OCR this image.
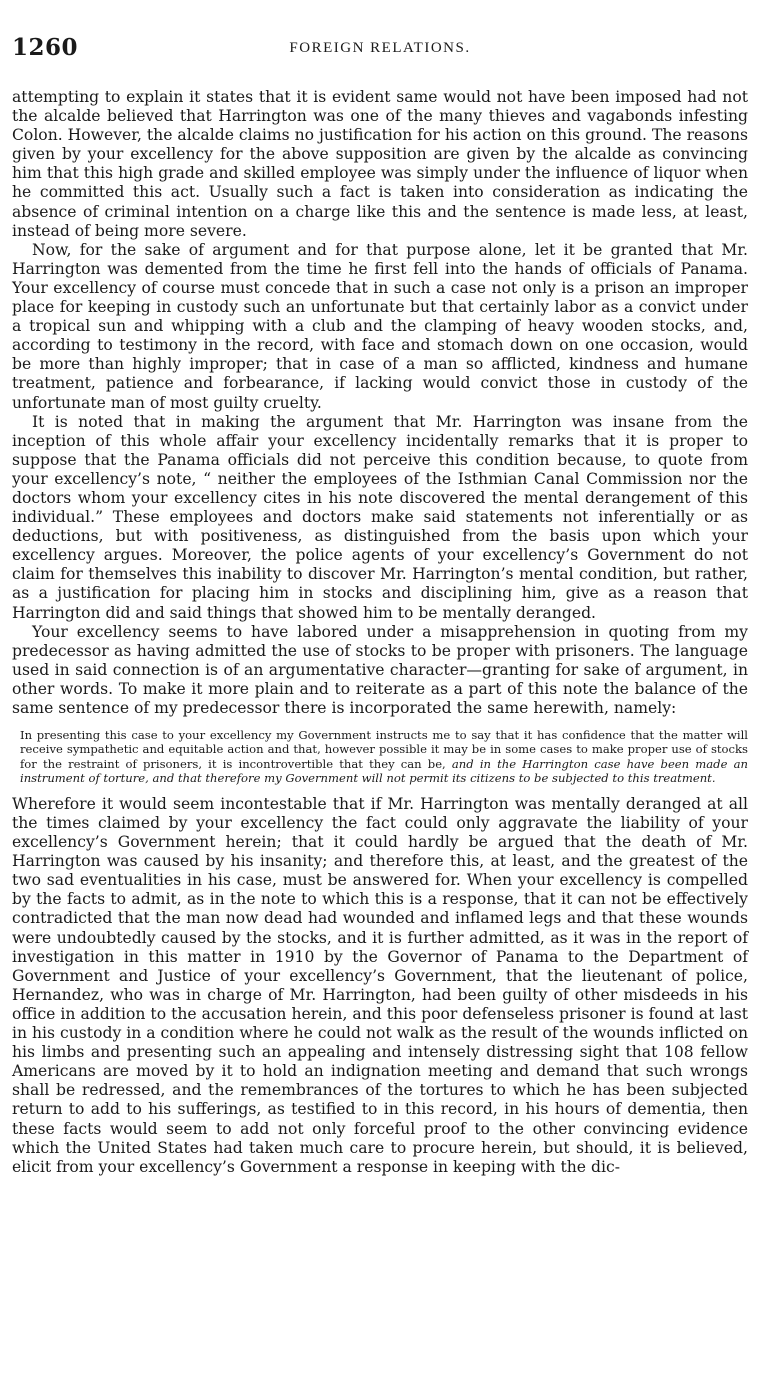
1260	FOREIGN RELATIONS.

attempting to explain it states that it is evident same would not have been imposed had not the alcalde believed that Harrington was one of the many thieves and vagabonds infesting Colon. However, the alcalde claims no justification for his action on this ground. The reasons given by your excellency for the above supposition are given by the alcalde as convincing him that this high grade and skilled employee was simply under the influence of liquor when he committed this act. Usually such a fact is taken into consideration as indicating the absence of criminal intention on a charge like this and the sentence is made less, at least, instead of being more severe.

Now, for the sake of argument and for that purpose alone, let it be granted that Mr. Harrington was demented from the time he first fell into the hands of officials of Panama. Your excellency of course must concede that in such a case not only is a prison an improper place for keeping in custody such an unfortunate but that certainly labor as a convict under a tropical sun and whipping with a club and the clamping of heavy wooden stocks, and, according to testimony in the record, with face and stomach down on one occasion, would be more than highly improper; that in case of a man so afflicted, kindness and humane treatment, patience and forbearance, if lacking would convict those in custody of the unfortunate man of most guilty cruelty.

It is noted that in making the argument that Mr. Harrington was insane from the inception of this whole affair your excellency incidentally remarks that it is proper to suppose that the Panama officials did not perceive this condition because, to quote from your excellency’s note, “ neither the employees of the Isthmian Canal Commission nor the doctors whom your excellency cites in his note discovered the mental derangement of this individual.” These employees and doctors make said statements not inferentially or as deductions, but with positiveness, as distinguished from the basis upon which your excellency argues. Moreover, the police agents of your excellency’s Government do not claim for themselves this inability to discover Mr. Harrington’s mental condition, but rather, as a justification for placing him in stocks and disciplining him, give as a reason that Harrington did and said things that showed him to be mentally deranged.

Your excellency seems to have labored under a misapprehension in quoting from my predecessor as having admitted the use of stocks to be proper with prisoners. The language used in said connection is of an argumentative character—granting for sake of argument, in other words. To make it more plain and to reiterate as a part of this note the balance of the same sentence of my predecessor there is incorporated the same herewith, namely:

In presenting this case to your excellency my Government instructs me to say that it has confidence that the matter will receive sympathetic and equitable action and that, however possible it may be in some cases to make proper use of stocks for the restraint of prisoners, it is incontrovertible that they can be, and in the Harrington case have been made an instrument of torture, and that therefore my Government will not permit its citizens to be subjected to this treatment.

Wherefore it would seem incontestable that if Mr. Harrington was mentally deranged at all the times claimed by your excellency the fact could only aggravate the liability of your excellency’s Government herein; that it could hardly be argued that the death of Mr. Harrington was caused by his insanity; and therefore this, at least, and the greatest of the two sad eventualities in his case, must be answered for. When your excellency is compelled by the facts to admit, as in the note to which this is a response, that it can not be effectively contradicted that the man now dead had wounded and inflamed legs and that these wounds were undoubtedly caused by the stocks, and it is further admitted, as it was in the report of investigation in this matter in 1910 by the Governor of Panama to the Department of Government and Justice of your excellency’s Government, that the lieutenant of police, Hernandez, who was in charge of Mr. Harrington, had been guilty of other misdeeds in his office in addition to the accusation herein, and this poor defenseless prisoner is found at last in his custody in a condition where he could not walk as the result of the wounds inflicted on his limbs and presenting such an appealing and intensely distressing sight that 108 fellow Americans are moved by it to hold an indignation meeting and demand that such wrongs shall be redressed, and the remembrances of the tortures to which he has been subjected return to add to his sufferings, as testified to in this record, in his hours of dementia, then these facts would seem to add not only forceful proof to the other convincing evidence which the United States had taken much care to procure herein, but should, it is believed, elicit from your excellency’s Government a response in keeping with the dic-
